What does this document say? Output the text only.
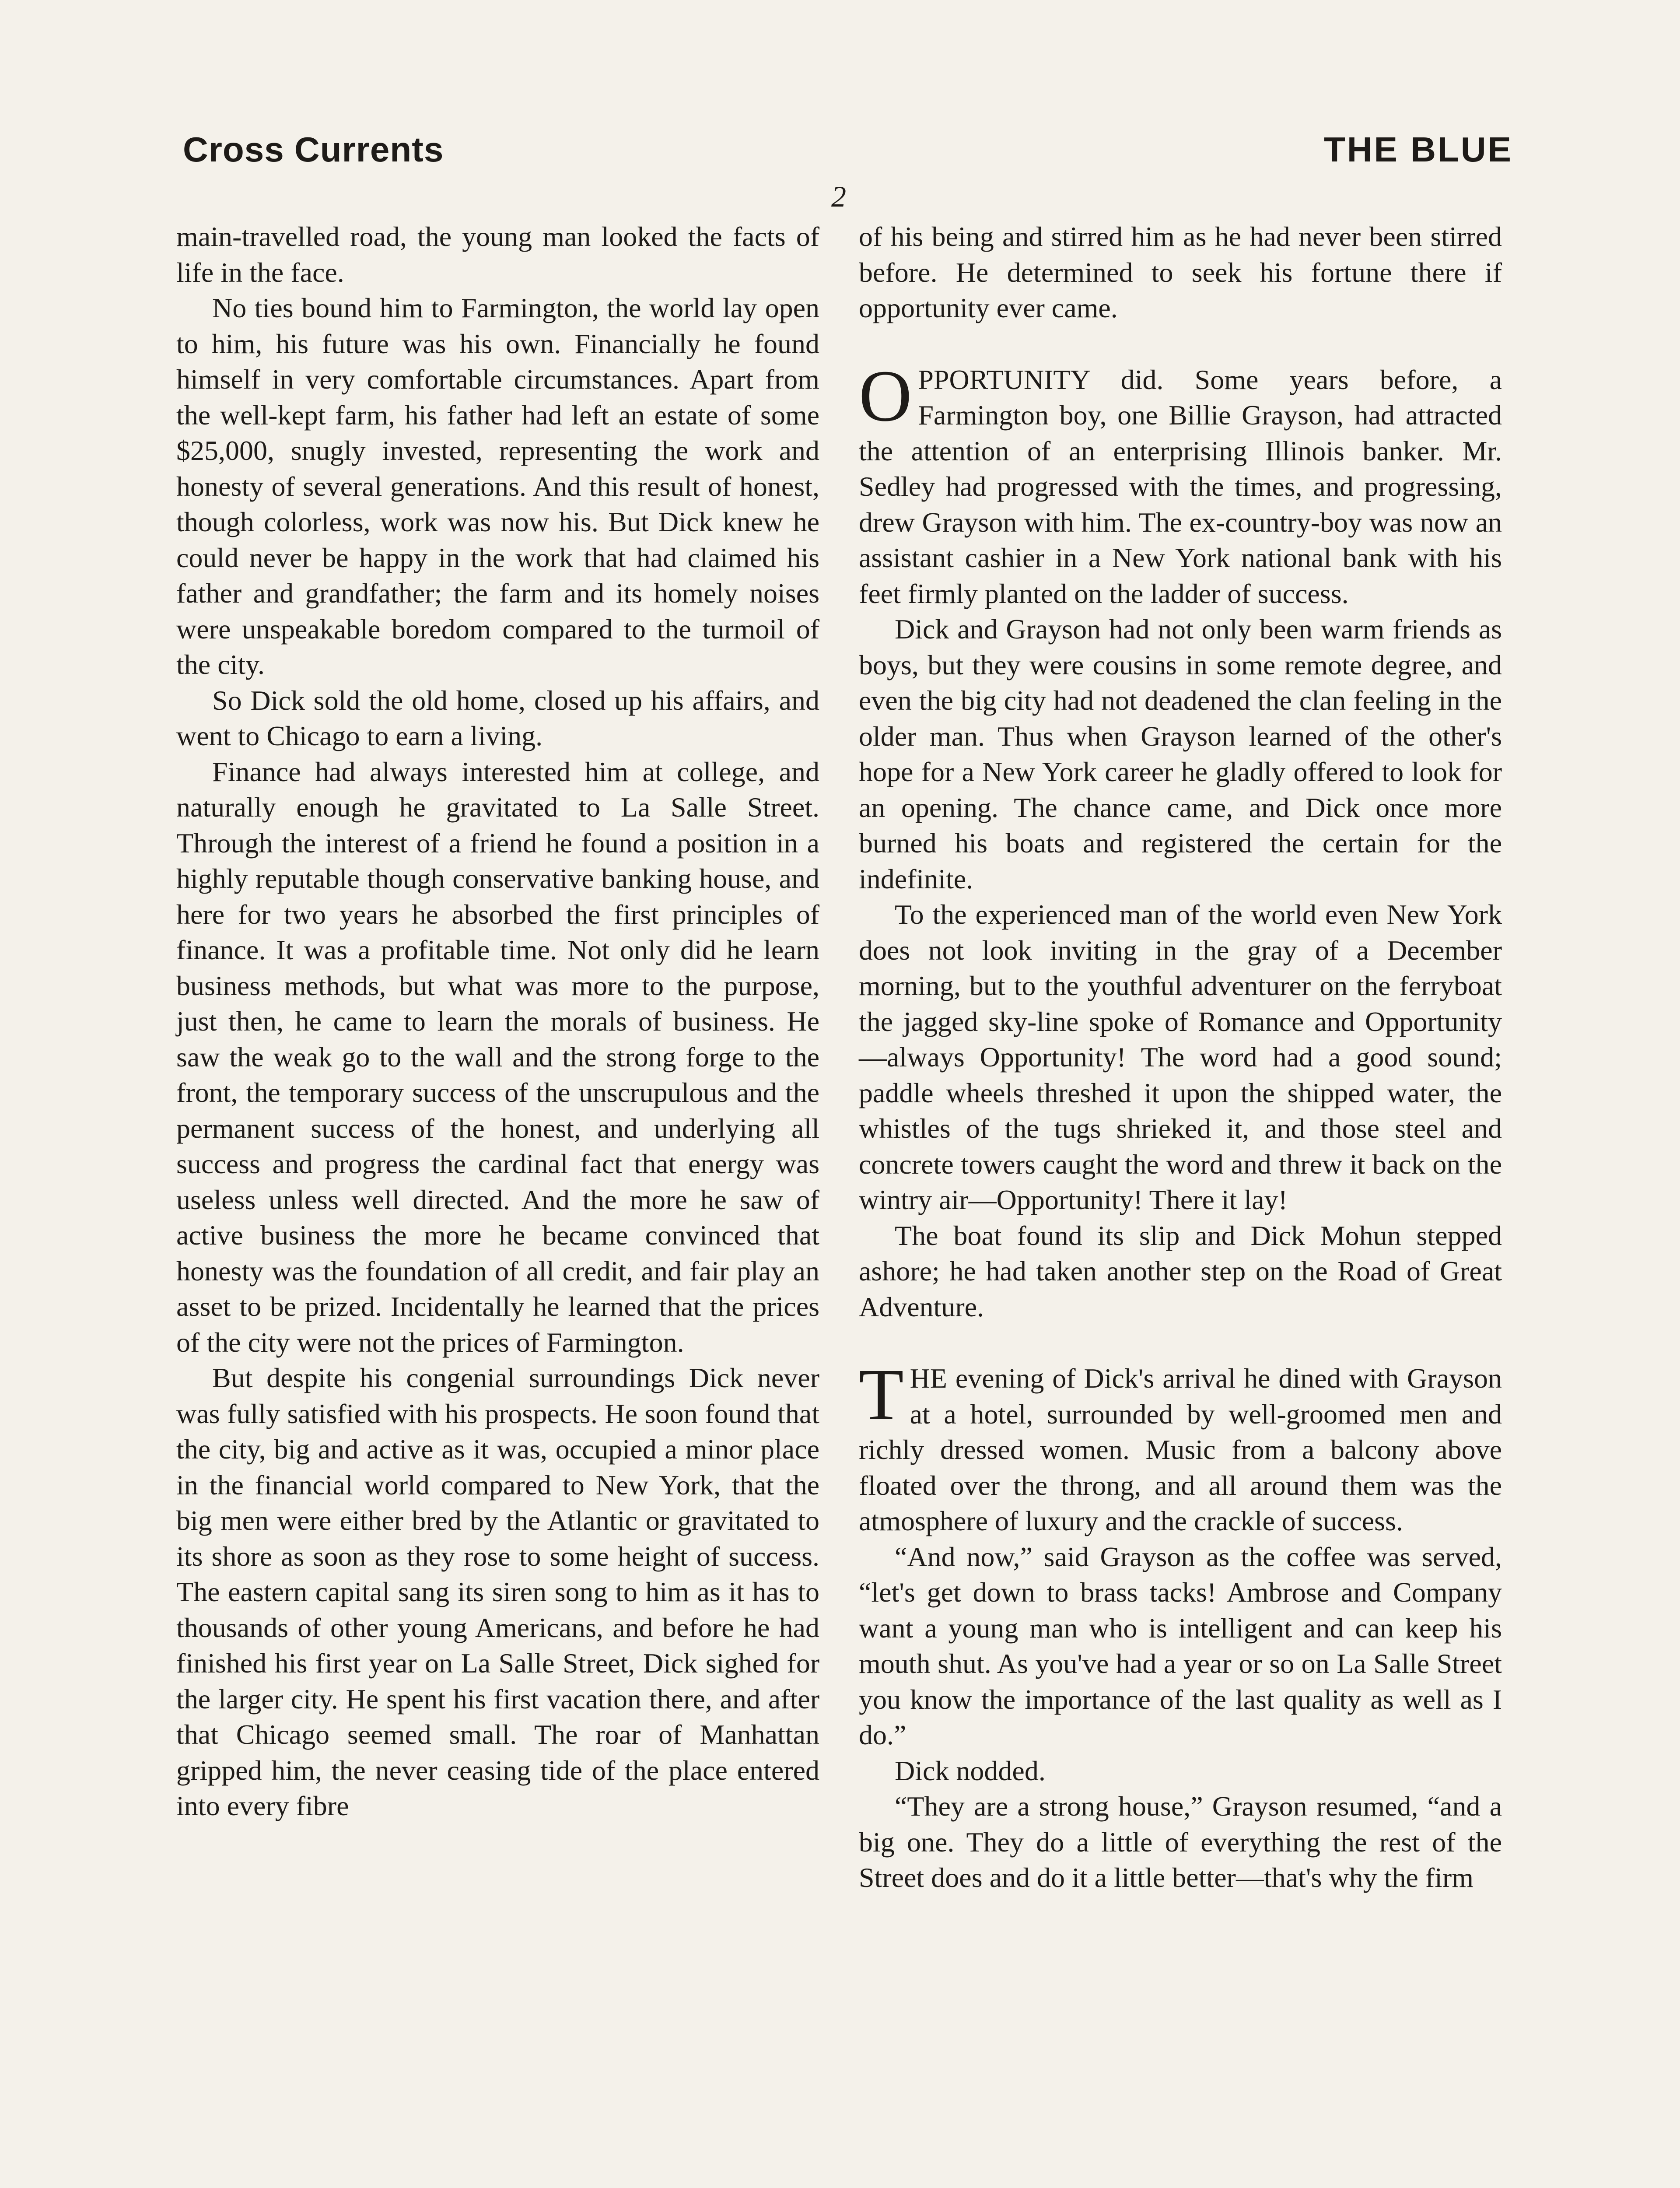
Cross Currents	THE BLUE
2

main-travelled road, the young man looked the facts of life in the face.

No ties bound him to Farmington, the world lay open to him, his future was his own. Financially he found himself in very comfortable circumstances. Apart from the well-kept farm, his father had left an estate of some $25,000, snugly invested, representing the work and honesty of several generations. And this result of honest, though colorless, work was now his. But Dick knew he could never be happy in the work that had claimed his father and grandfather; the farm and its homely noises were unspeakable boredom compared to the turmoil of the city.

So Dick sold the old home, closed up his affairs, and went to Chicago to earn a living.

Finance had always interested him at college, and naturally enough he gravitated to La Salle Street. Through the interest of a friend he found a position in a highly reputable though conservative banking house, and here for two years he absorbed the first principles of finance. It was a profitable time. Not only did he learn business methods, but what was more to the purpose, just then, he came to learn the morals of business. He saw the weak go to the wall and the strong forge to the front, the temporary success of the unscrupulous and the permanent success of the honest, and underlying all success and progress the cardinal fact that energy was useless unless well directed. And the more he saw of active business the more he became convinced that honesty was the foundation of all credit, and fair play an asset to be prized. Incidentally he learned that the prices of the city were not the prices of Farmington.

But despite his congenial surroundings Dick never was fully satisfied with his prospects. He soon found that the city, big and active as it was, occupied a minor place in the financial world compared to New York, that the big men were either bred by the Atlantic or gravitated to its shore as soon as they rose to some height of success. The eastern capital sang its siren song to him as it has to thousands of other young Americans, and before he had finished his first year on La Salle Street, Dick sighed for the larger city. He spent his first vacation there, and after that Chicago seemed small. The roar of Manhattan gripped him, the never ceasing tide of the place entered into every fibre

of his being and stirred him as he had never been stirred before. He determined to seek his fortune there if opportunity ever came.

OPPORTUNITY did. Some years before, a Farmington boy, one Billie Grayson, had attracted the attention of an enterprising Illinois banker. Mr. Sedley had progressed with the times, and progressing, drew Grayson with him. The ex-country-boy was now an assistant cashier in a New York national bank with his feet firmly planted on the ladder of success.

Dick and Grayson had not only been warm friends as boys, but they were cousins in some remote degree, and even the big city had not deadened the clan feeling in the older man. Thus when Grayson learned of the other's hope for a New York career he gladly offered to look for an opening. The chance came, and Dick once more burned his boats and registered the certain for the indefinite.

To the experienced man of the world even New York does not look inviting in the gray of a December morning, but to the youthful adventurer on the ferryboat the jagged sky-line spoke of Romance and Opportunity—always Opportunity! The word had a good sound; paddle wheels threshed it upon the shipped water, the whistles of the tugs shrieked it, and those steel and concrete towers caught the word and threw it back on the wintry air—Opportunity! There it lay!

The boat found its slip and Dick Mohun stepped ashore; he had taken another step on the Road of Great Adventure.

THE evening of Dick's arrival he dined with Grayson at a hotel, surrounded by well-groomed men and richly dressed women. Music from a balcony above floated over the throng, and all around them was the atmosphere of luxury and the crackle of success.

“And now,” said Grayson as the coffee was served, “let's get down to brass tacks! Ambrose and Company want a young man who is intelligent and can keep his mouth shut. As you've had a year or so on La Salle Street you know the importance of the last quality as well as I do.”

Dick nodded.

“They are a strong house,” Grayson resumed, “and a big one. They do a little of everything the rest of the Street does and do it a little better—that's why the firm
